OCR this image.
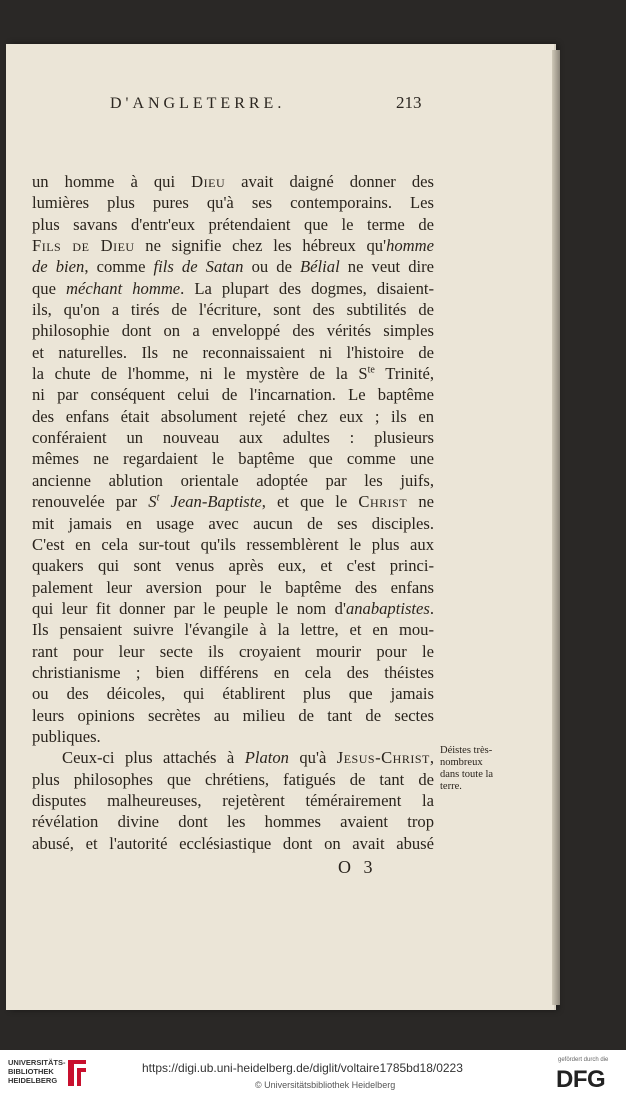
D'ANGLETERRE.	213
un homme à qui Dieu avait daigné donner des
lumières plus pures qu'à ses contemporains. Les
plus savans d'entr'eux prétendaient que le terme de
Fils de Dieu ne signifie chez les hébreux qu'homme
de bien, comme fils de Satan ou de Bélial ne veut dire
que méchant homme. La plupart des dogmes, disaient-
ils, qu'on a tirés de l'écriture, sont des subtilités de
philosophie dont on a enveloppé des vérités simples
et naturelles. Ils ne reconnaissaient ni l'histoire de
la chute de l'homme, ni le mystère de la $S^{te}$ Trinité,
ni par conséquent celui de l'incarnation. Le baptême
des enfans était absolument rejeté chez eux ; ils en
conféraient un nouveau aux adultes : plusieurs
mêmes ne regardaient le baptême que comme une
ancienne ablution orientale adoptée par les juifs,
renouvelée par $S^t$ Jean-Baptiste, et que le Christ ne
mit jamais en usage avec aucun de ses disciples.
C'est en cela sur-tout qu'ils ressemblèrent le plus aux
quakers qui sont venus après eux, et c'est princi-
palement leur aversion pour le baptême des enfans
qui leur fit donner par le peuple le nom d'anabaptistes.
Ils pensaient suivre l'évangile à la lettre, et en mou-
rant pour leur secte ils croyaient mourir pour le
christianisme ; bien différens en cela des théistes
ou des déicoles, qui établirent plus que jamais
leurs opinions secrètes au milieu de tant de sectes
publiques.
Ceux-ci plus attachés à Platon qu'à Jesus-Christ,
plus philosophes que chrétiens, fatigués de tant de
disputes malheureuses, rejetèrent témérairement la
révélation divine dont les hommes avaient trop
abusé, et l'autorité ecclésiastique dont on avait abusé
Déistes très-
nombreux
dans toute la
terre.
O 3
UNIVERSITÄTS-
BIBLIOTHEK
HEIDELBERG
https://digi.ub.uni-heidelberg.de/diglit/voltaire1785bd18/0223
© Universitätsbibliothek Heidelberg
gefördert durch die
DFG
